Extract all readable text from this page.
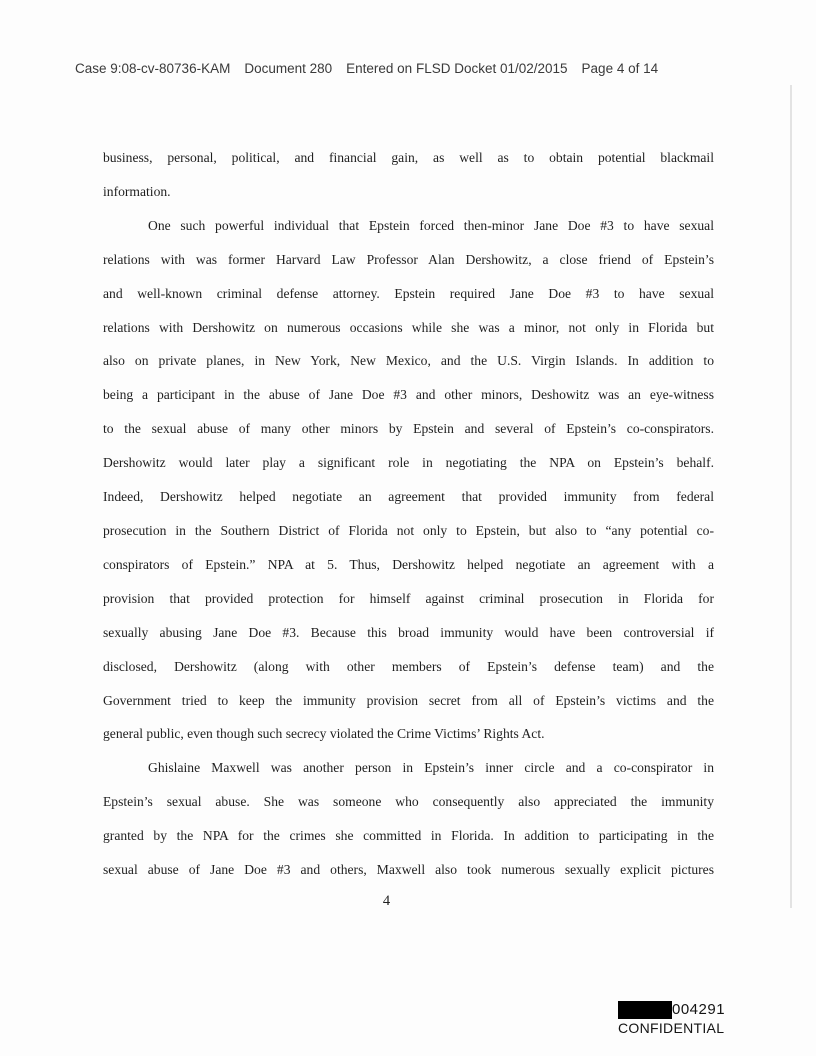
Case 9:08-cv-80736-KAM Document 280 Entered on FLSD Docket 01/02/2015 Page 4 of 14
business, personal, political, and financial gain, as well as to obtain potential blackmail
information.
One such powerful individual that Epstein forced then-minor Jane Doe #3 to have sexual
relations with was former Harvard Law Professor Alan Dershowitz, a close friend of Epstein’s
and well-known criminal defense attorney. Epstein required Jane Doe #3 to have sexual
relations with Dershowitz on numerous occasions while she was a minor, not only in Florida but
also on private planes, in New York, New Mexico, and the U.S. Virgin Islands. In addition to
being a participant in the abuse of Jane Doe #3 and other minors, Deshowitz was an eye-witness
to the sexual abuse of many other minors by Epstein and several of Epstein’s co-conspirators.
Dershowitz would later play a significant role in negotiating the NPA on Epstein’s behalf.
Indeed, Dershowitz helped negotiate an agreement that provided immunity from federal
prosecution in the Southern District of Florida not only to Epstein, but also to “any potential co-
conspirators of Epstein.” NPA at 5. Thus, Dershowitz helped negotiate an agreement with a
provision that provided protection for himself against criminal prosecution in Florida for
sexually abusing Jane Doe #3. Because this broad immunity would have been controversial if
disclosed, Dershowitz (along with other members of Epstein’s defense team) and the
Government tried to keep the immunity provision secret from all of Epstein’s victims and the
general public, even though such secrecy violated the Crime Victims’ Rights Act.
Ghislaine Maxwell was another person in Epstein’s inner circle and a co-conspirator in
Epstein’s sexual abuse. She was someone who consequently also appreciated the immunity
granted by the NPA for the crimes she committed in Florida. In addition to participating in the
sexual abuse of Jane Doe #3 and others, Maxwell also took numerous sexually explicit pictures
4
004291
CONFIDENTIAL
